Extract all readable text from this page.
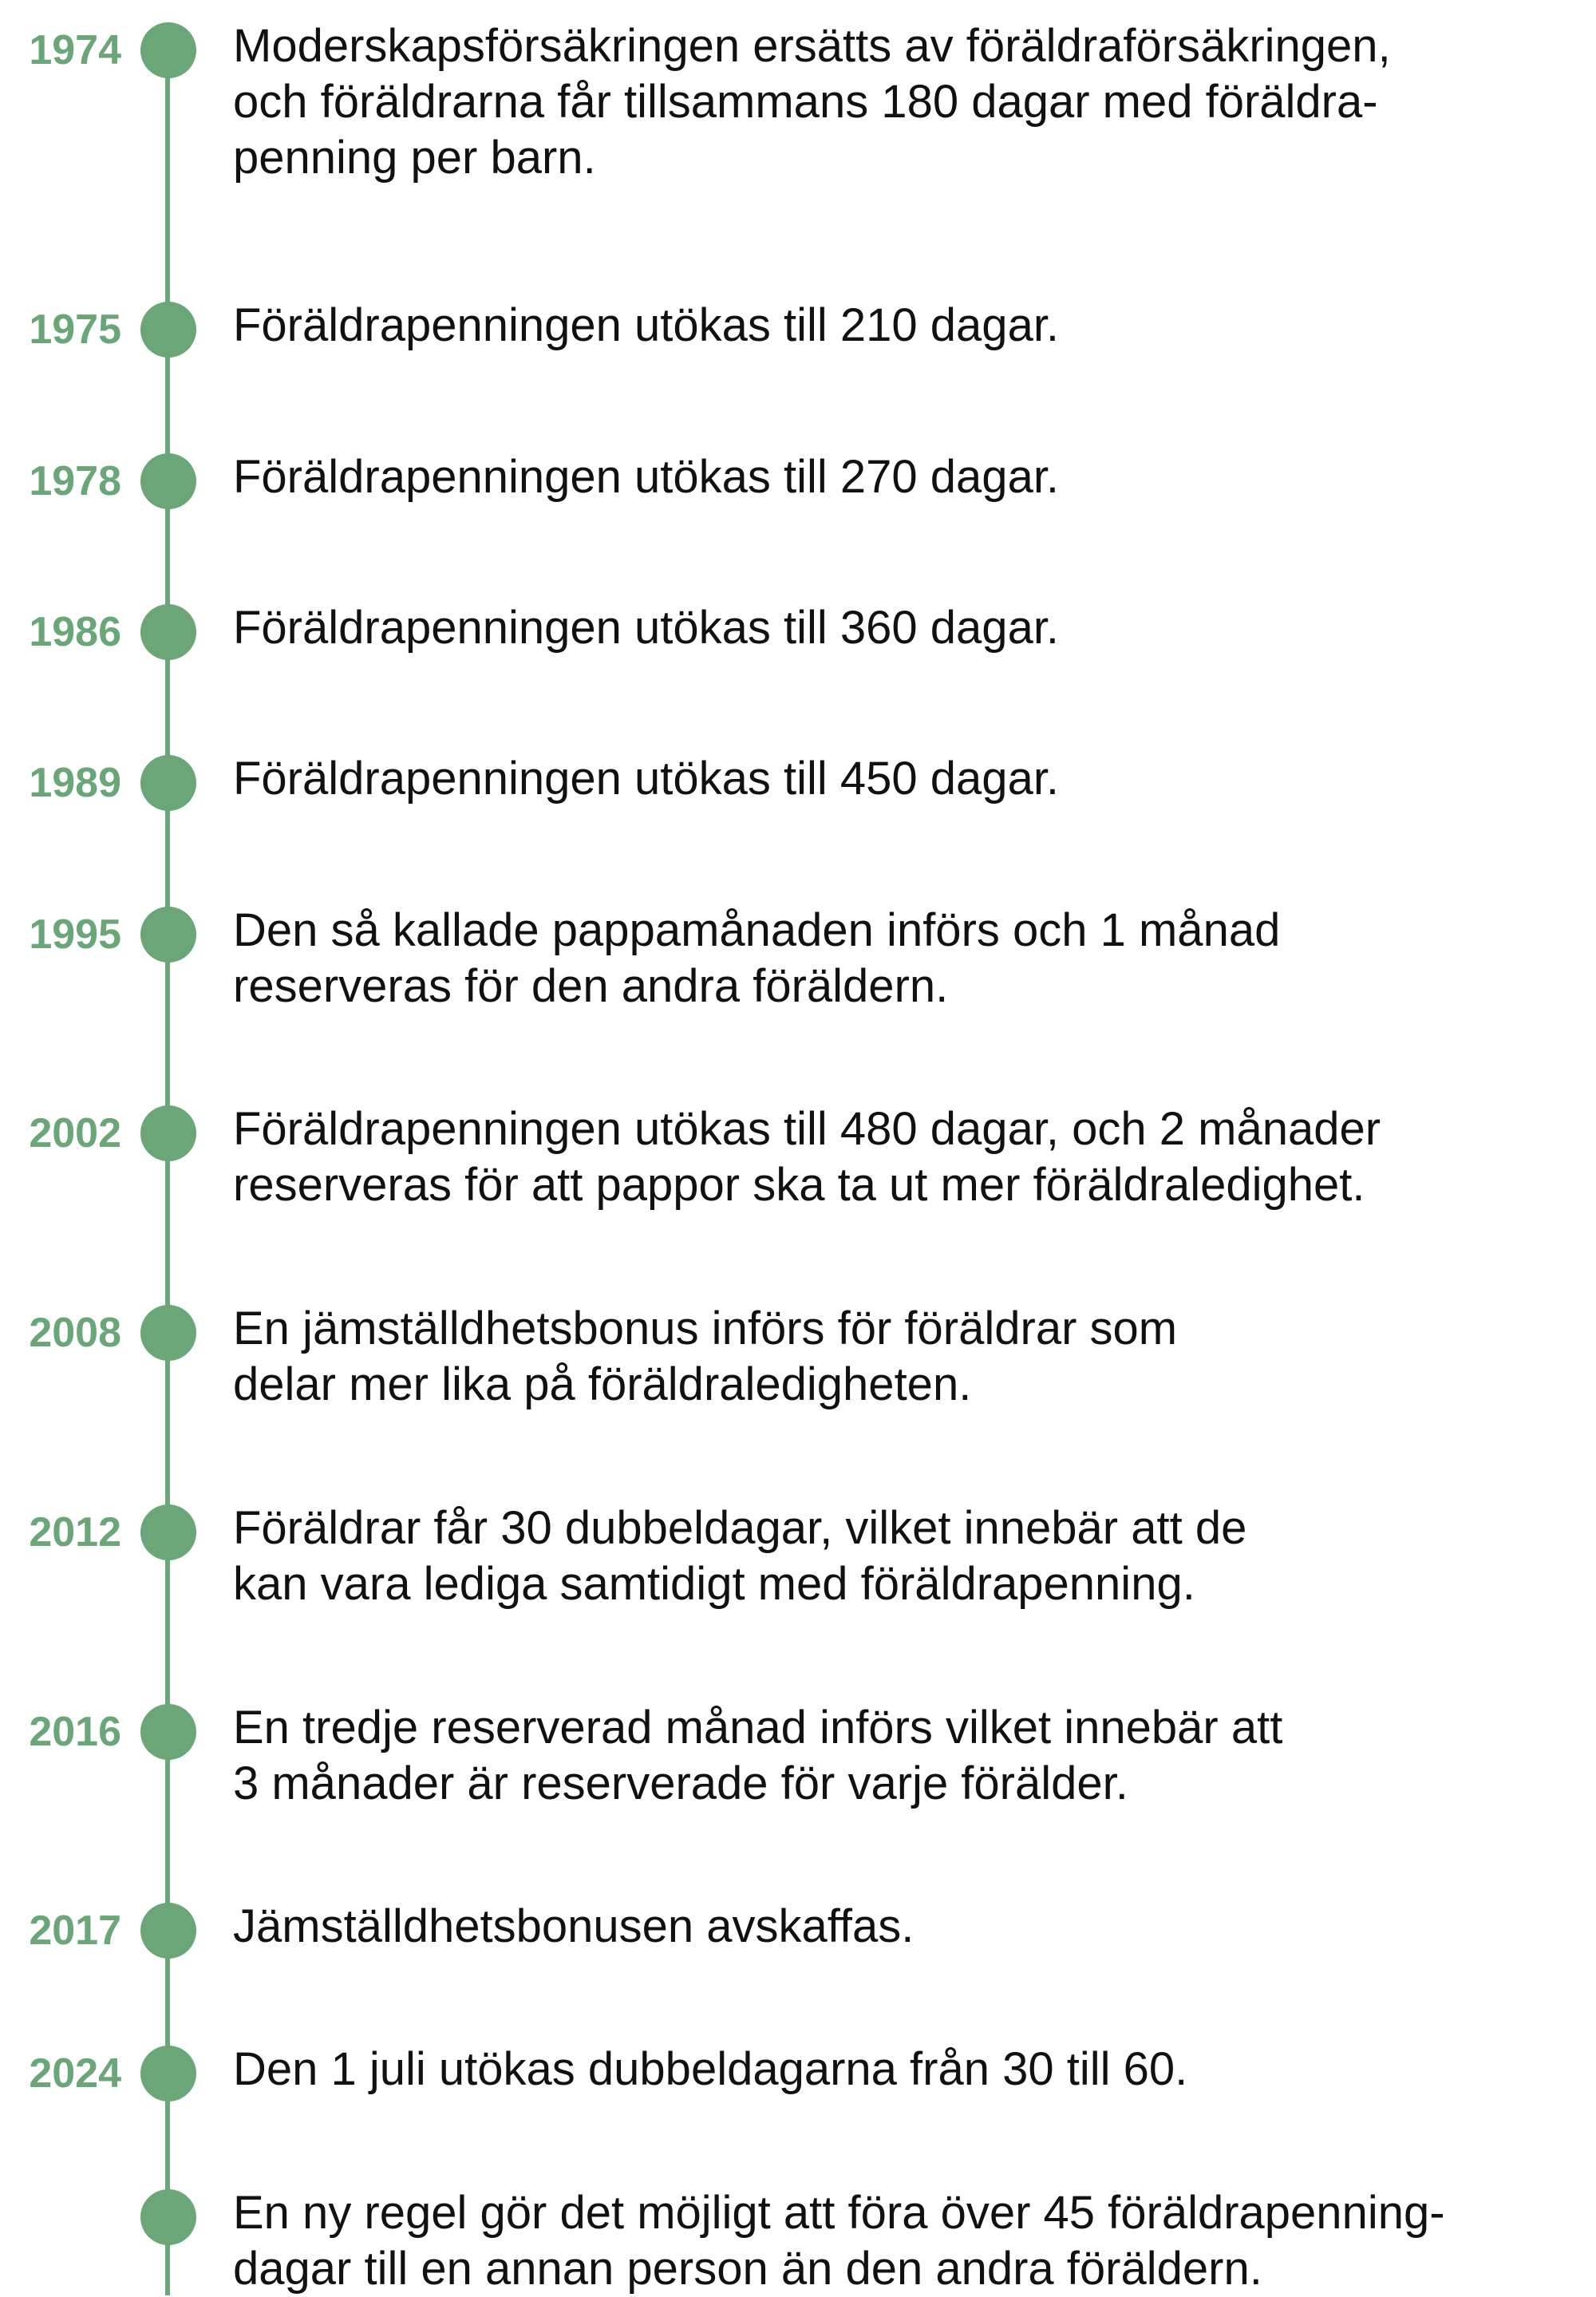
1974 Moderskapsförsäkringen ersätts av föräldraförsäkringen,
och föräldrarna får tillsammans 180 dagar med föräldra-
penning per barn.
1975 Föräldrapenningen utökas till 210 dagar.
1978 Föräldrapenningen utökas till 270 dagar.
1986 Föräldrapenningen utökas till 360 dagar.
1989 Föräldrapenningen utökas till 450 dagar.
1995 Den så kallade pappamånaden införs och 1 månad
reserveras för den andra föräldern.
2002 Föräldrapenningen utökas till 480 dagar, och 2 månader
reserveras för att pappor ska ta ut mer föräldraledighet.
2008 En jämställdhetsbonus införs för föräldrar som
delar mer lika på föräldraledigheten.
2012 Föräldrar får 30 dubbeldagar, vilket innebär att de
kan vara lediga samtidigt med föräldrapenning.
2016 En tredje reserverad månad införs vilket innebär att
3 månader är reserverade för varje förälder.
2017 Jämställdhetsbonusen avskaffas.
2024 Den 1 juli utökas dubbeldagarna från 30 till 60.
En ny regel gör det möjligt att föra över 45 föräldrapenning-
dagar till en annan person än den andra föräldern.
